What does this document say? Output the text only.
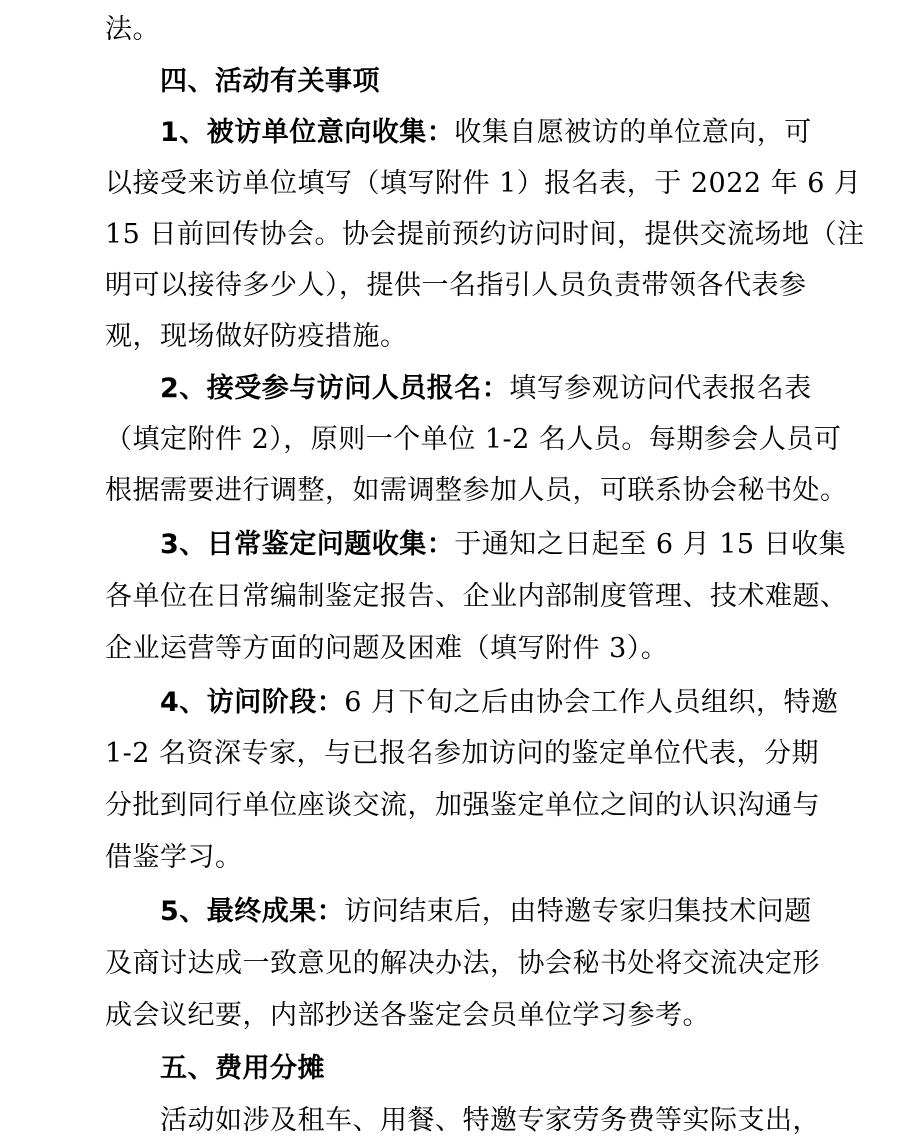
法。
四、活动有关事项
1、被访单位意向收集：收集自愿被访的单位意向，可
以接受来访单位填写（填写附件 1）报名表，于 2022 年 6 月
15 日前回传协会。协会提前预约访问时间，提供交流场地（注
明可以接待多少人），提供一名指引人员负责带领各代表参
观，现场做好防疫措施。
2、接受参与访问人员报名：填写参观访问代表报名表
（填定附件 2），原则一个单位 1-2 名人员。每期参会人员可
根据需要进行调整，如需调整参加人员，可联系协会秘书处。
3、日常鉴定问题收集：于通知之日起至 6 月 15 日收集
各单位在日常编制鉴定报告、企业内部制度管理、技术难题、
企业运营等方面的问题及困难（填写附件 3）。
4、访问阶段：6 月下旬之后由协会工作人员组织，特邀
1-2 名资深专家，与已报名参加访问的鉴定单位代表，分期
分批到同行单位座谈交流，加强鉴定单位之间的认识沟通与
借鉴学习。
5、最终成果：访问结束后，由特邀专家归集技术问题
及商讨达成一致意见的解决办法，协会秘书处将交流决定形
成会议纪要，内部抄送各鉴定会员单位学习参考。
五、费用分摊
活动如涉及租车、用餐、特邀专家劳务费等实际支出，
